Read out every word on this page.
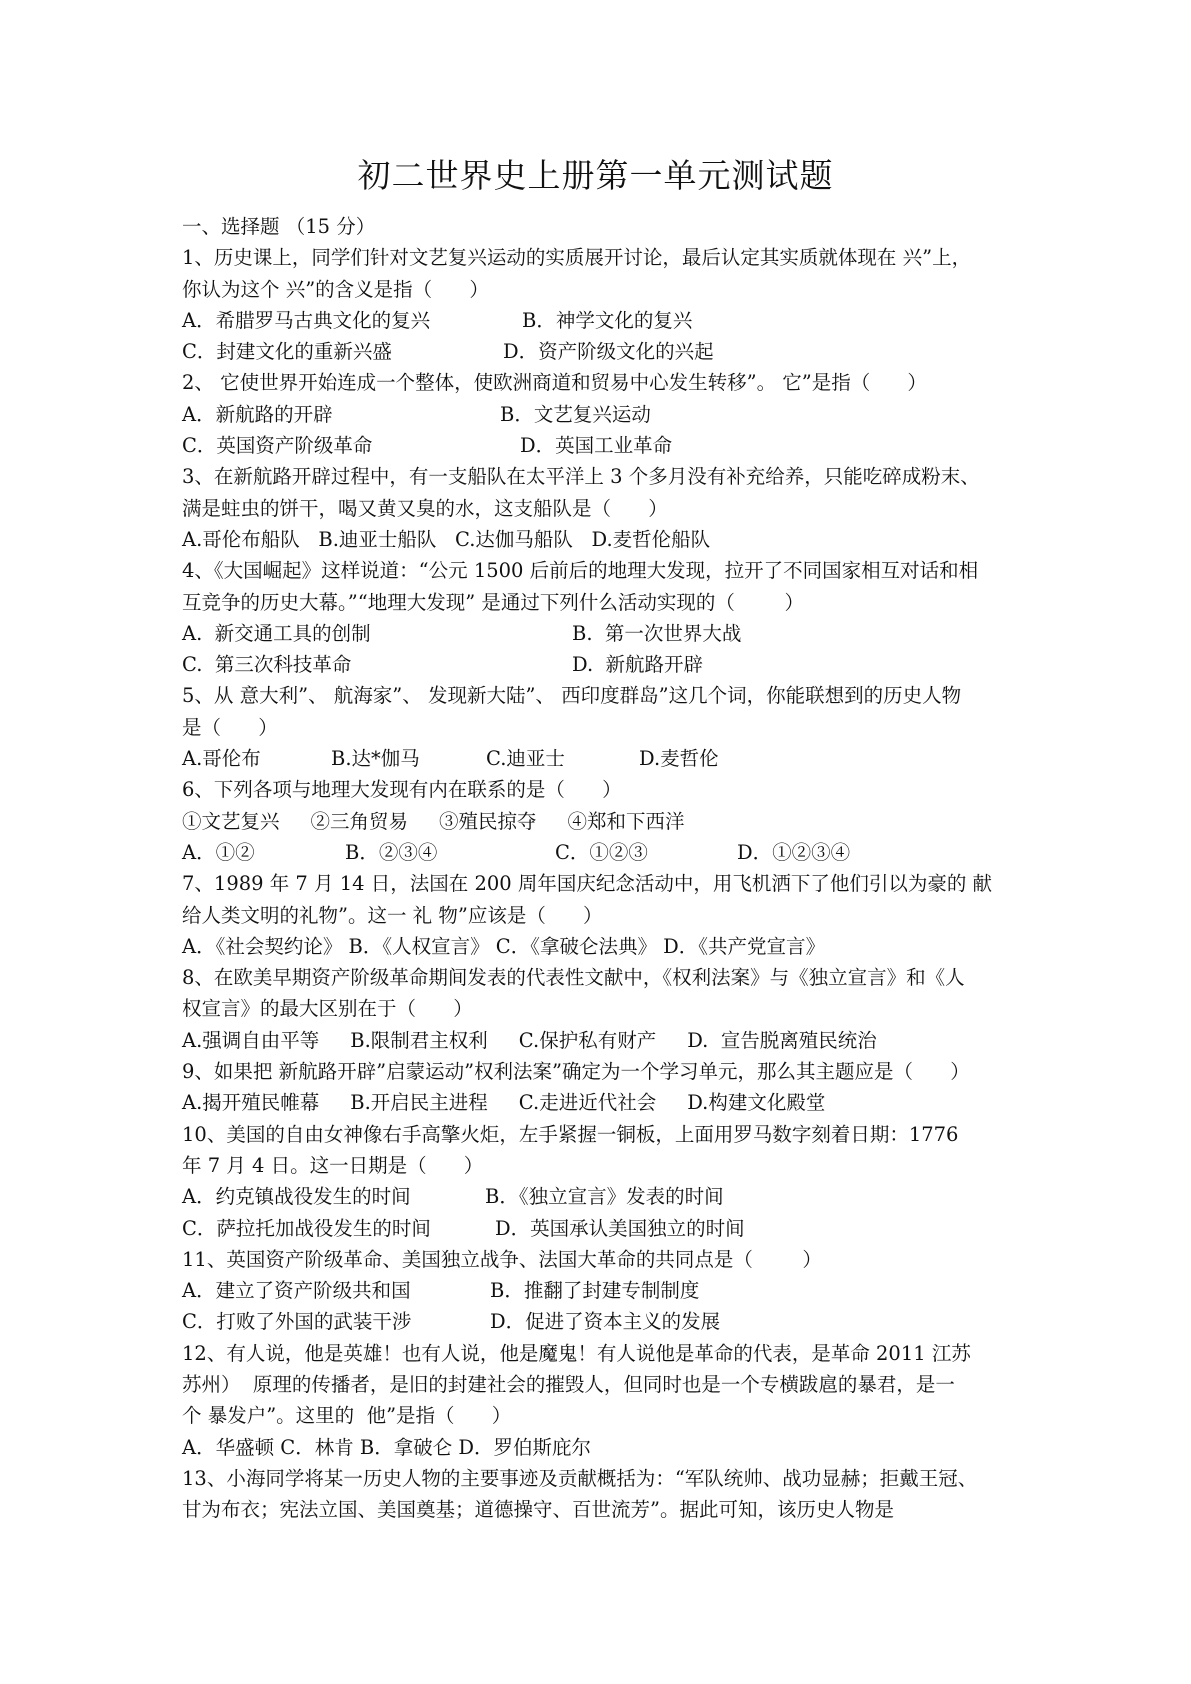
初二世界史上册第一单元测试题
一、选择题 （15 分）
1、历史课上，同学们针对文艺复兴运动的实质展开讨论，最后认定其实质就体现在 兴”上，
你认为这个 兴”的含义是指（      ）
A．希腊罗马古典文化的复兴	B．神学文化的复兴
C．封建文化的重新兴盛	D．资产阶级文化的兴起
2、 它使世界开始连成一个整体，使欧洲商道和贸易中心发生转移”。 它”是指（      ）
A．新航路的开辟	B．文艺复兴运动
C．英国资产阶级革命	D．英国工业革命
3、在新航路开辟过程中，有一支船队在太平洋上 3 个多月没有补充给养，只能吃碎成粉末、
满是蛀虫的饼干，喝又黄又臭的水，这支船队是（      ）
A.哥伦布船队   B.迪亚士船队   C.达伽马船队   D.麦哲伦船队
4、《大国崛起》这样说道：“公元 1500 后前后的地理大发现，拉开了不同国家相互对话和相
互竞争的历史大幕。”“地理大发现” 是通过下列什么活动实现的（        ）
A.  新交通工具的创制	B.  第一次世界大战
C.  第三次科技革命	D.  新航路开辟
5、从 意大利”、 航海家”、 发现新大陆”、 西印度群岛”这几个词，你能联想到的历史人物
是（      ）
A.哥伦布	B.达*伽马	C.迪亚士	D.麦哲伦
6、下列各项与地理大发现有内在联系的是（      ）
①文艺复兴     ②三角贸易     ③殖民掠夺     ④郑和下西洋
A．①②	B．②③④	C．①②③	D．①②③④
7、1989 年 7 月 14 日，法国在 200 周年国庆纪念活动中，用飞机洒下了他们引以为豪的 献
给人类文明的礼物”。这一 礼 物”应该是（      ）
A．《社会契约论》 B．《人权宣言》 C．《拿破仑法典》 D．《共产党宣言》
8、在欧美早期资产阶级革命期间发表的代表性文献中，《权利法案》与《独立宣言》和《人
权宣言》的最大区别在于（      ）
A.强调自由平等     B.限制君主权利     C.保护私有财产     D.  宣告脱离殖民统治
9、如果把 新航路开辟”启蒙运动”权利法案”确定为一个学习单元，那么其主题应是（      ）
A.揭开殖民帷幕     B.开启民主进程     C.走进近代社会     D.构建文化殿堂
10、美国的自由女神像右手高擎火炬，左手紧握一铜板，上面用罗马数字刻着日期：1776
年 7 月 4 日。这一日期是（      ）
A．约克镇战役发生的时间	B．《独立宣言》发表的时间
C．萨拉托加战役发生的时间	D．英国承认美国独立的时间
11、英国资产阶级革命、美国独立战争、法国大革命的共同点是（        ）
A．建立了资产阶级共和国	B．推翻了封建专制制度
C．打败了外国的武装干涉	D．促进了资本主义的发展
12、有人说，他是英雄！也有人说，他是魔鬼！有人说他是革命的代表，是革命 2011 江苏
苏州）  原理的传播者，是旧的封建社会的摧毁人，但同时也是一个专横跋扈的暴君，是一
个 暴发户”。这里的  他”是指（      ）
A．华盛顿 C．林肯 B．拿破仑 D．罗伯斯庇尔
13、小海同学将某一历史人物的主要事迹及贡献概括为：“军队统帅、战功显赫；拒戴王冠、
甘为布衣；宪法立国、美国奠基；道德操守、百世流芳”。据此可知，该历史人物是
